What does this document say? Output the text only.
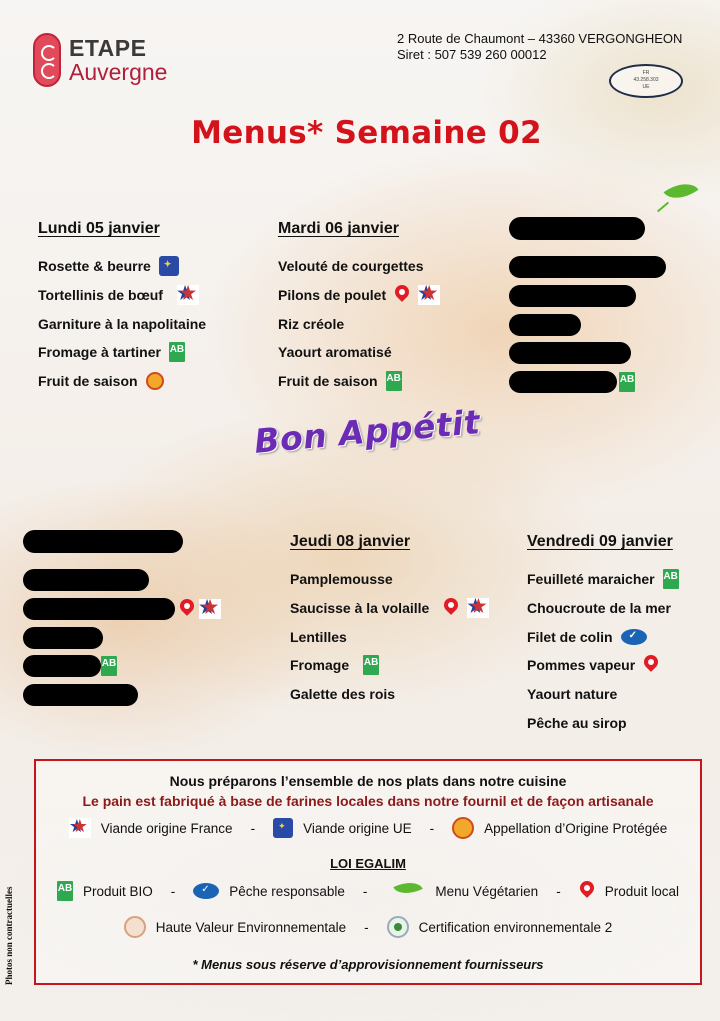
ETAPE
Auvergne
2 Route de Chaumont – 43360 VERGONGHEON
Siret : 507 539 260 00012
FR
43.258.303
UE
Menus* Semaine 02
Lundi 05 janvier
Rosette & beurre
✦
Tortellinis de bœuf
★
Garniture à la napolitaine
Fromage à tartiner AB
Fruit de saison
Mardi 06 janvier
Velouté de courgettes
Pilons de poulet
★
Riz créole
Yaourt aromatisé
Fruit de saison AB	AB
Bon Appétit
★
AB
Jeudi 08 janvier
Pamplemousse
Saucisse à la volaille
★
Lentilles
Fromage AB
Galette des rois
Vendredi 09 janvier
Feuilleté maraicher AB
Choucroute de la mer
Filet de colin
✓
Pommes vapeur
Yaourt nature
Pêche au sirop
Nous préparons l’ensemble de nos plats dans notre cuisine
Le pain est fabriqué à base de farines locales dans notre fournil et de façon artisanale
★
Viande origine France - ✦	Viande origine UE -	Appellation d’Origine Protégée
LOI EGALIM
AB Produit BIO - ✓	Pêche responsable -	Menu Végétarien -	Produit local
Haute Valeur Environnementale -	Certification environnementale 2
* Menus sous réserve d’approvisionnement fournisseurs
Photos non contractuelles
